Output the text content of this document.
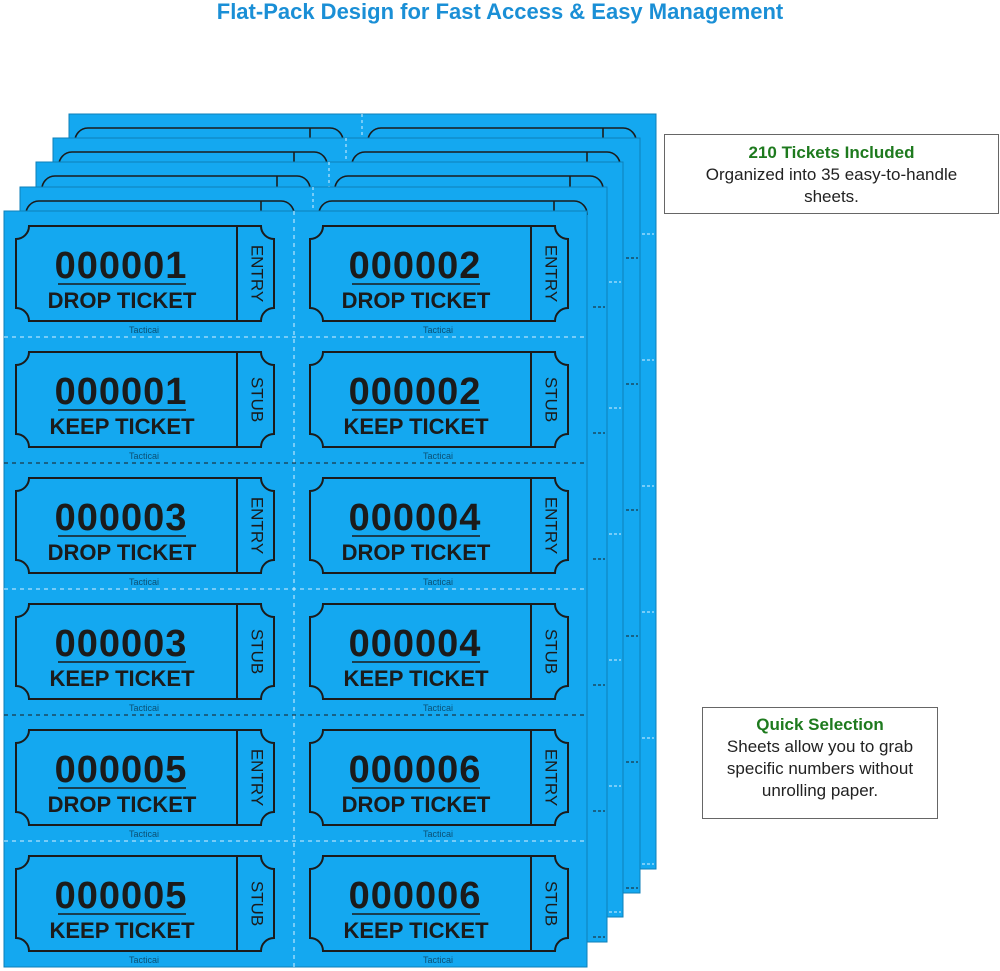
Flat-Pack Design for Fast Access & Easy Management
000001
DROP TICKET	ENTRY
Tacticai
000002
DROP TICKET	ENTRY
Tacticai
000001
KEEP TICKET
STUB
Tacticai
000002
KEEP TICKET
STUB
Tacticai
000003
DROP TICKET	ENTRY
Tacticai
000004
DROP TICKET	ENTRY
Tacticai
000003
KEEP TICKET
STUB
Tacticai
000004
KEEP TICKET
STUB
Tacticai
000005
DROP TICKET	ENTRY
Tacticai
000006
DROP TICKET	ENTRY
Tacticai
000005
KEEP TICKET
STUB
Tacticai
000006
KEEP TICKET
STUB
Tacticai
210 Tickets Included
Organized into 35 easy-to-handle sheets.
Quick Selection
Sheets allow you to grab specific numbers without unrolling paper.
